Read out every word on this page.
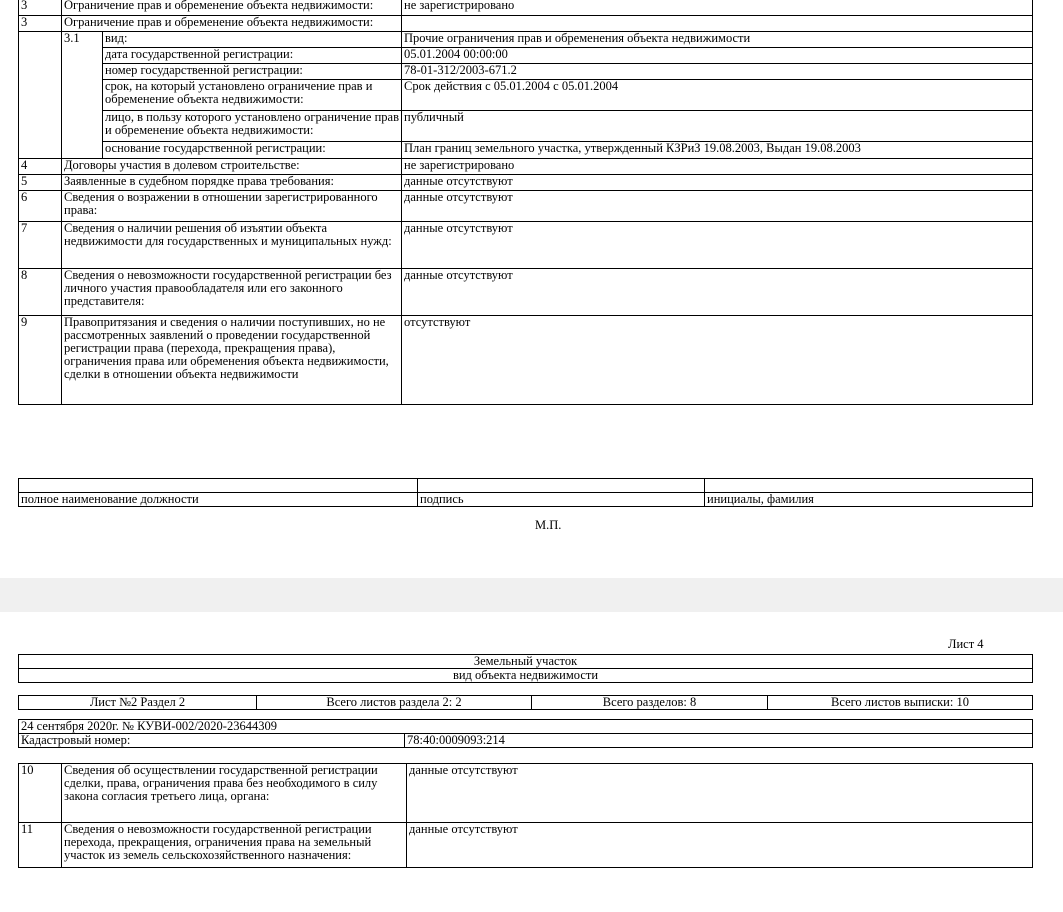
3	Ограничение прав и обременение объекта недвижимости:		не зарегистрировано
3	Ограничение прав и обременение объекта недвижимости:		
	3.1	вид:	Прочие ограничения прав и обременения объекта недвижимости
		дата государственной регистрации:	05.01.2004 00:00:00
		номер государственной регистрации:	78-01-312/2003-671.2
		срок, на который установлено ограничение прав и обременение объекта недвижимости:	Срок действия с 05.01.2004 с 05.01.2004
		лицо, в пользу которого установлено ограничение прав и обременение объекта недвижимости:	публичный
		основание государственной регистрации:	План границ земельного участка, утвержденный КЗРиЗ 19.08.2003, Выдан 19.08.2003
4	Договоры участия в долевом строительстве:		не зарегистрировано
5	Заявленные в судебном порядке права требования:		данные отсутствуют
6	Сведения о возражении в отношении зарегистрированного права:		данные отсутствуют
7	Сведения о наличии решения об изъятии объекта недвижимости для государственных и муниципальных нужд:		данные отсутствуют
8	Сведения о невозможности государственной регистрации без личного участия правообладателя или его законного представителя:		данные отсутствуют
9	Правопритязания и сведения о наличии поступивших, но не рассмотренных заявлений о проведении государственной регистрации права (перехода, прекращения права), ограничения права или обременения объекта недвижимости, сделки в отношении объекта недвижимости		отсутствуют

полное наименование должности	подпись	инициалы, фамилия
М.П.
Лист 4
Земельный участок
вид объекта недвижимости
Лист №2 Раздел 2	Всего листов раздела 2: 2	Всего разделов: 8	Всего листов выписки: 10
24 сентября 2020г. № КУВИ-002/2020-23644309
Кадастровый номер:	78:40:0009093:214
10	Сведения об осуществлении государственной регистрации сделки, права, ограничения права без необходимого в силу закона согласия третьего лица, органа:	данные отсутствуют
11	Сведения о невозможности государственной регистрации перехода, прекращения, ограничения права на земельный участок из земель сельскохозяйственного назначения:	данные отсутствуют
